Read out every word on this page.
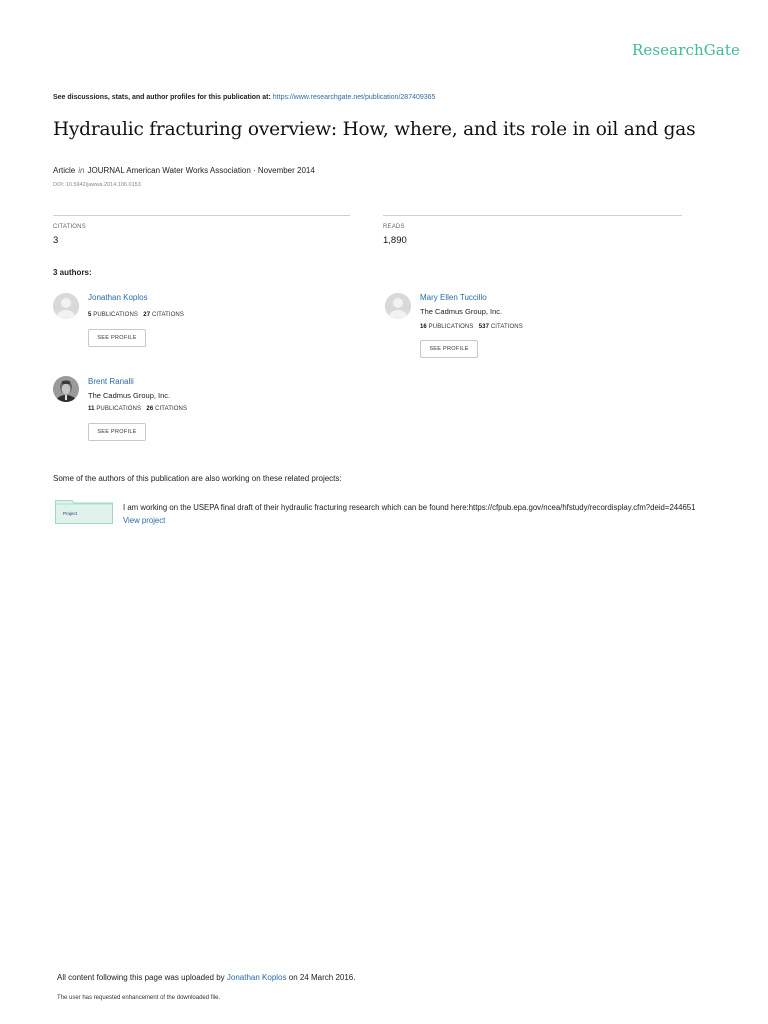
ResearchGate
See discussions, stats, and author profiles for this publication at: https://www.researchgate.net/publication/287409365
Hydraulic fracturing overview: How, where, and its role in oil and gas
Article in JOURNAL American Water Works Association · November 2014
DOI: 10.5942/jawwa.2014.106.0153
CITATIONS
3
READS
1,890
3 authors:
Jonathan Koplos
5 PUBLICATIONS 27 CITATIONS
SEE PROFILE
Mary Ellen Tuccillo
The Cadmus Group, Inc.
16 PUBLICATIONS 537 CITATIONS
SEE PROFILE
Brent Ranalli
The Cadmus Group, Inc.
11 PUBLICATIONS 26 CITATIONS
SEE PROFILE
Some of the authors of this publication are also working on these related projects:
Project
I am working on the USEPA final draft of their hydraulic fracturing research which can be found here:https://cfpub.epa.gov/ncea/hfstudy/recordisplay.cfm?deid=244651 View project
All content following this page was uploaded by Jonathan Koplos on 24 March 2016.
The user has requested enhancement of the downloaded file.
